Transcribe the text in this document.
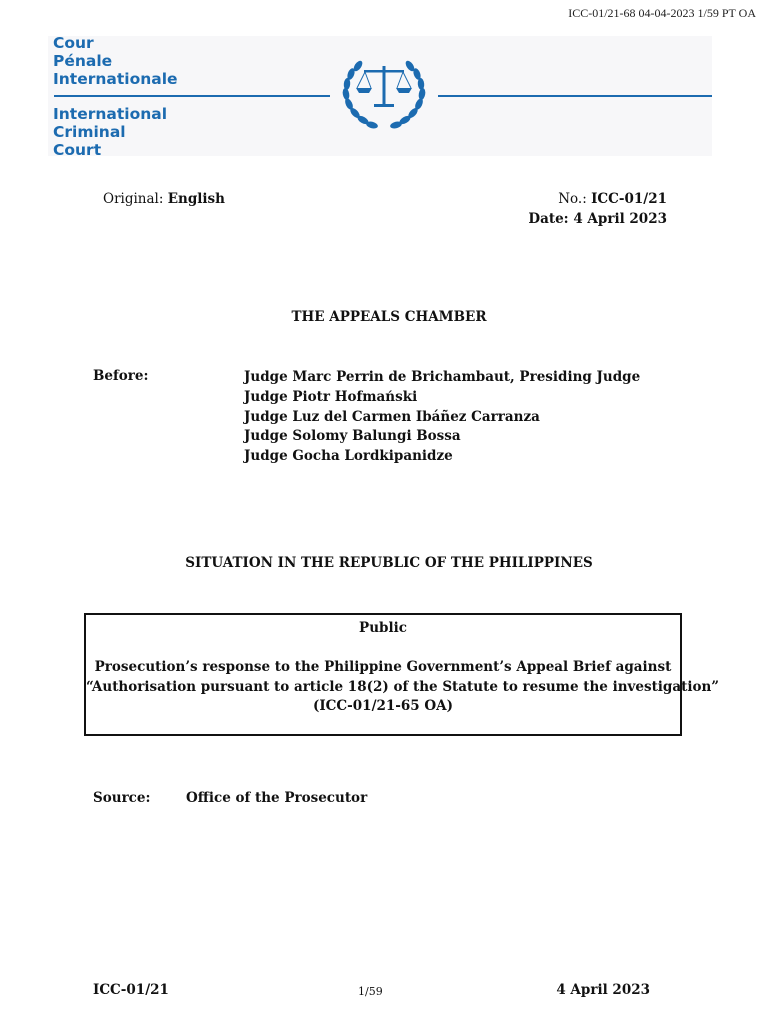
ICC-01/21-68 04-04-2023 1/59 PT OA
Cour
Pénale
Internationale
International
Criminal
Court
Original: English	No.: ICC-01/21
Date: 4 April 2023
THE APPEALS CHAMBER
Before:	Judge Marc Perrin de Brichambaut, Presiding Judge
Judge Piotr Hofmański
Judge Luz del Carmen Ibáñez Carranza
Judge Solomy Balungi Bossa
Judge Gocha Lordkipanidze
SITUATION IN THE REPUBLIC OF THE PHILIPPINES
Public
Prosecution’s response to the Philippine Government’s Appeal Brief against
“Authorisation pursuant to article 18(2) of the Statute to resume the investigation”
(ICC-01/21-65 OA)
Source:	Office of the Prosecutor
ICC-01/21	1/59	4 April 2023
